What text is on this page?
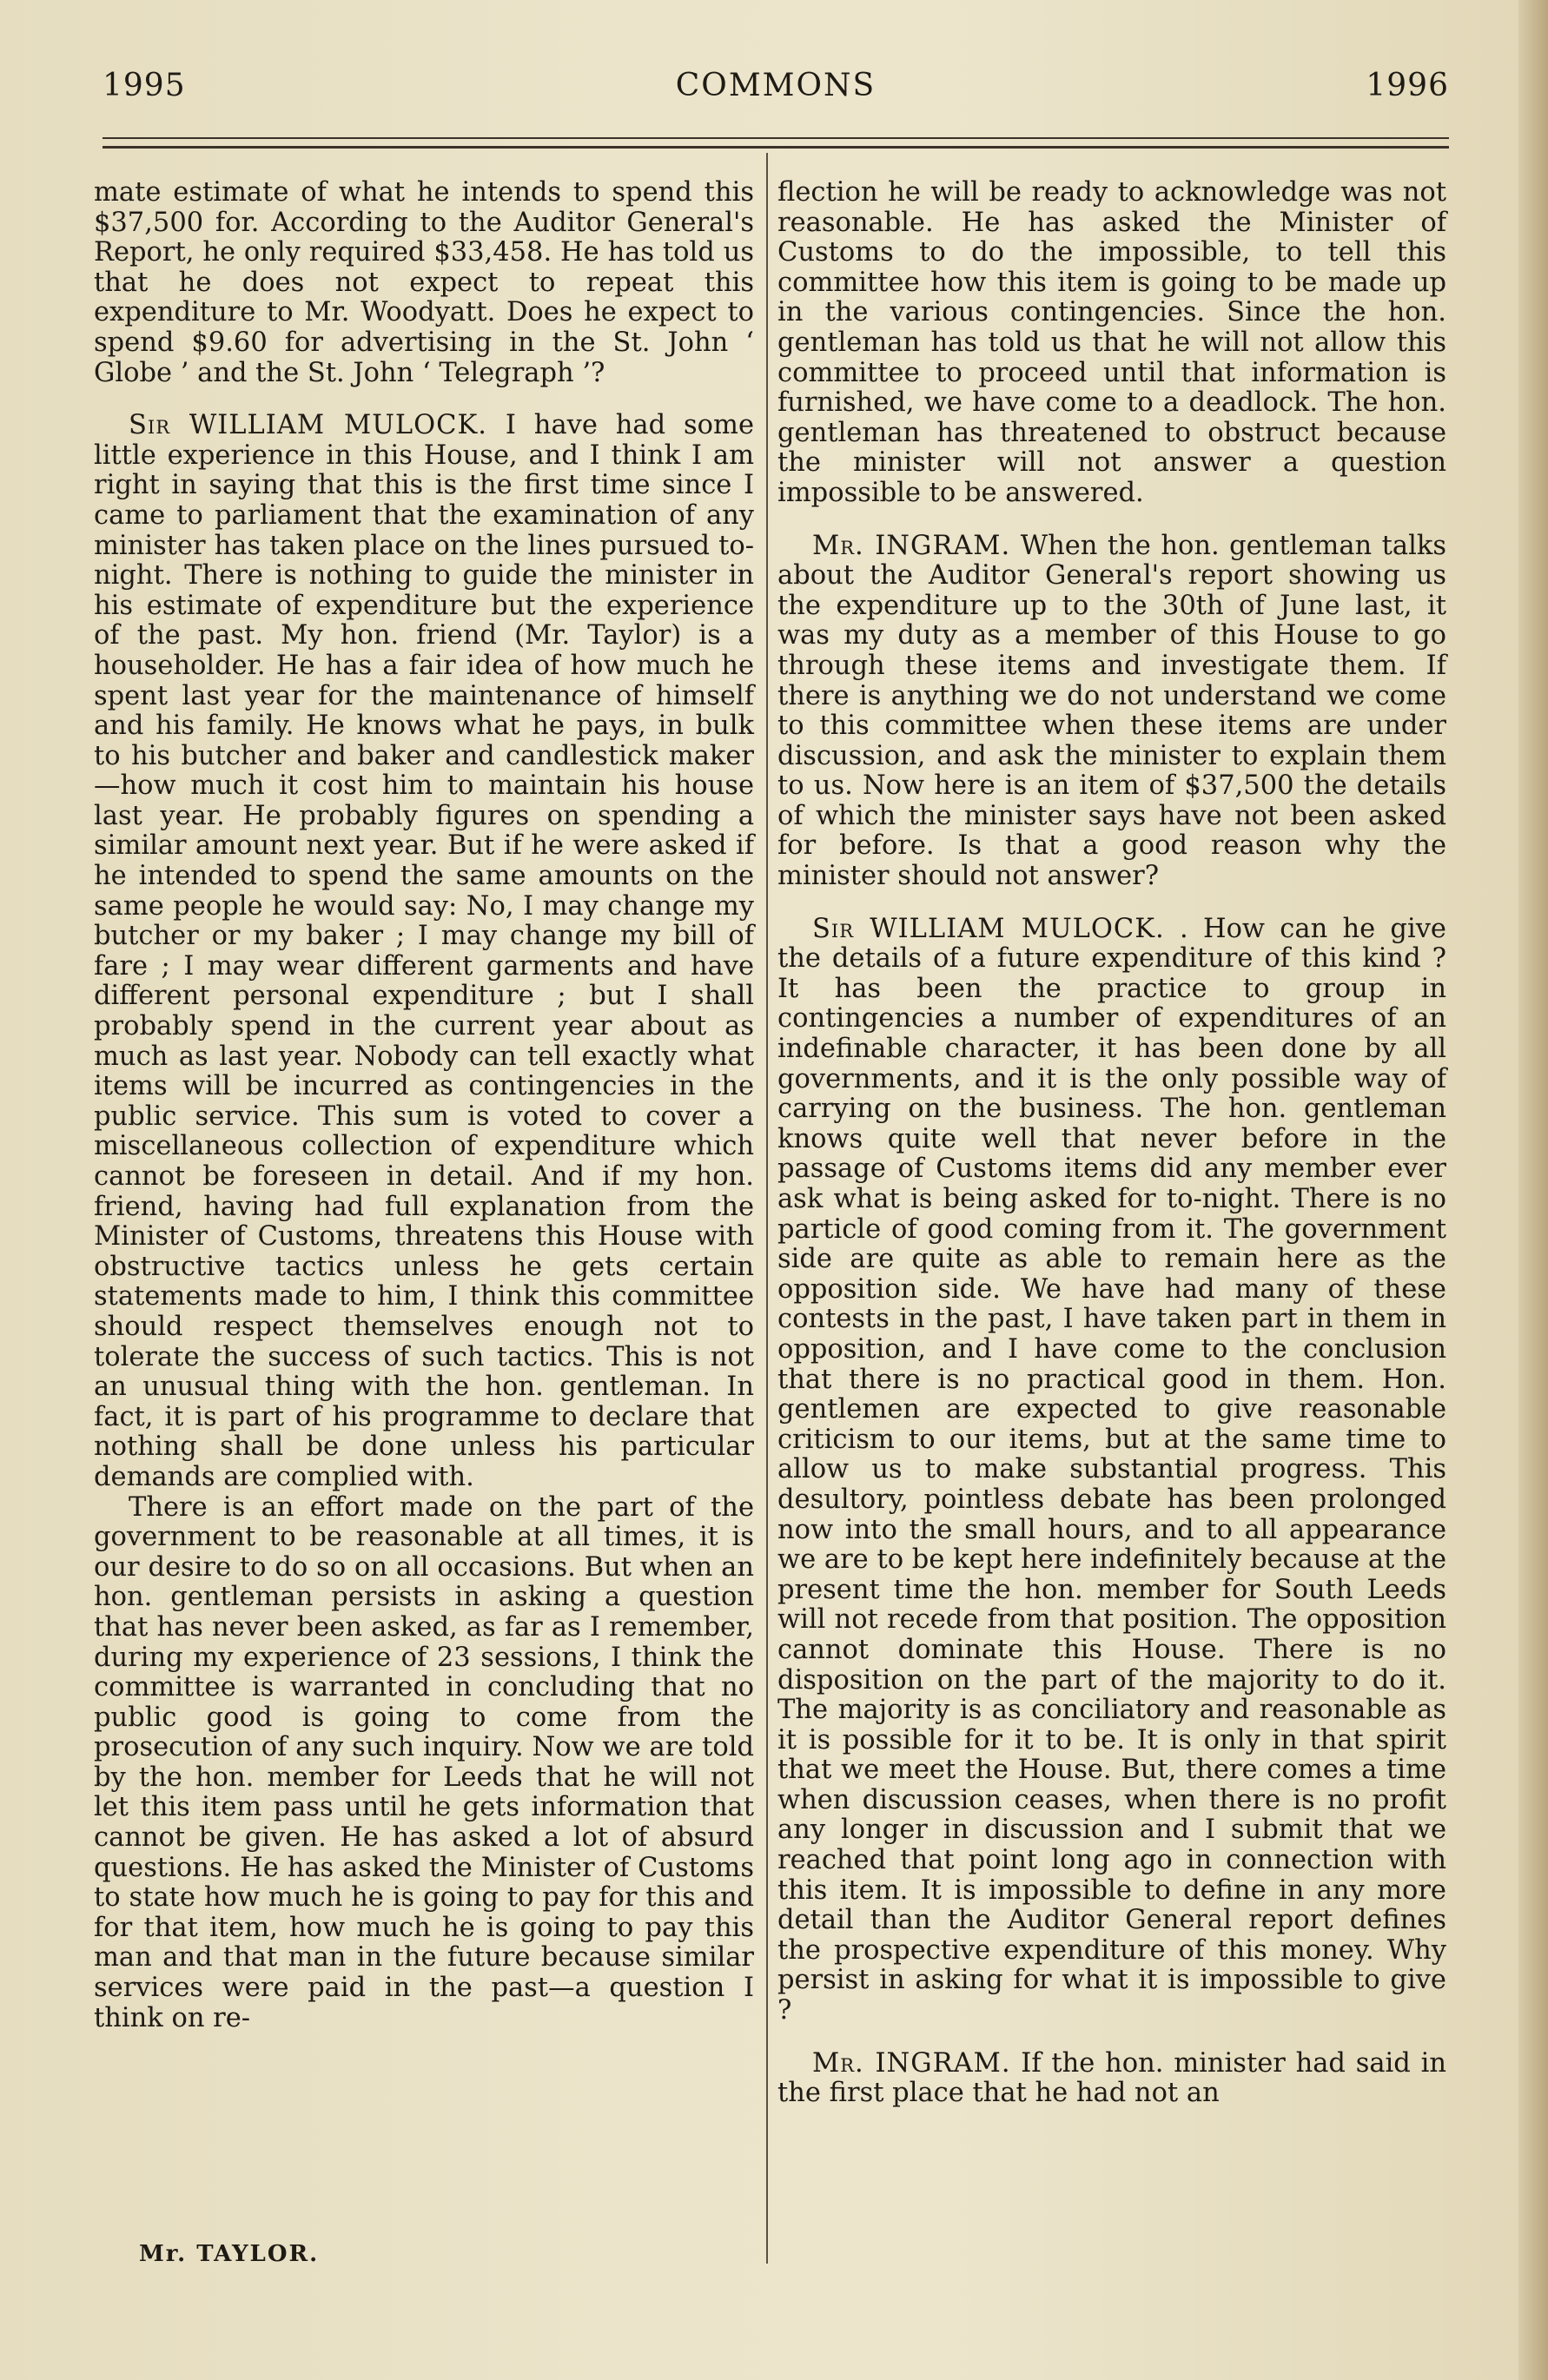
1995	COMMONS	1996

mate estimate of what he intends to spend this $37,500 for. According to the Auditor General's Report, he only required $33,458. He has told us that he does not expect to repeat this expenditure to Mr. Woodyatt. Does he expect to spend $9.60 for advertising in the St. John ‘ Globe ’ and the St. John ‘ Telegraph ’?

Sir WILLIAM MULOCK. I have had some little experience in this House, and I think I am right in saying that this is the first time since I came to parliament that the examination of any minister has taken place on the lines pursued to-night. There is nothing to guide the minister in his estimate of expenditure but the experience of the past. My hon. friend (Mr. Taylor) is a householder. He has a fair idea of how much he spent last year for the maintenance of himself and his family. He knows what he pays, in bulk to his butcher and baker and candlestick maker—how much it cost him to maintain his house last year. He probably figures on spending a similar amount next year. But if he were asked if he intended to spend the same amounts on the same people he would say: No, I may change my butcher or my baker ; I may change my bill of fare ; I may wear different garments and have different personal expenditure ; but I shall probably spend in the current year about as much as last year. Nobody can tell exactly what items will be incurred as contingencies in the public service. This sum is voted to cover a miscellaneous collection of expenditure which cannot be foreseen in detail. And if my hon. friend, having had full explanation from the Minister of Customs, threatens this House with obstructive tactics unless he gets certain statements made to him, I think this committee should respect themselves enough not to tolerate the success of such tactics. This is not an unusual thing with the hon. gentleman. In fact, it is part of his programme to declare that nothing shall be done unless his particular demands are complied with.

There is an effort made on the part of the government to be reasonable at all times, it is our desire to do so on all occasions. But when an hon. gentleman persists in asking a question that has never been asked, as far as I remember, during my experience of 23 sessions, I think the committee is warranted in concluding that no public good is going to come from the prosecution of any such inquiry. Now we are told by the hon. member for Leeds that he will not let this item pass until he gets information that cannot be given. He has asked a lot of absurd questions. He has asked the Minister of Customs to state how much he is going to pay for this and for that item, how much he is going to pay this man and that man in the future because similar services were paid in the past—a question I think on re-

flection he will be ready to acknowledge was not reasonable. He has asked the Minister of Customs to do the impossible, to tell this committee how this item is going to be made up in the various contingencies. Since the hon. gentleman has told us that he will not allow this committee to proceed until that information is furnished, we have come to a deadlock. The hon. gentleman has threatened to obstruct because the minister will not answer a question impossible to be answered.

Mr. INGRAM. When the hon. gentleman talks about the Auditor General's report showing us the expenditure up to the 30th of June last, it was my duty as a member of this House to go through these items and investigate them. If there is anything we do not understand we come to this committee when these items are under discussion, and ask the minister to explain them to us. Now here is an item of $37,500 the details of which the minister says have not been asked for before. Is that a good reason why the minister should not answer?

Sir WILLIAM MULOCK. . How can he give the details of a future expenditure of this kind ? It has been the practice to group in contingencies a number of expenditures of an indefinable character, it has been done by all governments, and it is the only possible way of carrying on the business. The hon. gentleman knows quite well that never before in the passage of Customs items did any member ever ask what is being asked for to-night. There is no particle of good coming from it. The government side are quite as able to remain here as the opposition side. We have had many of these contests in the past, I have taken part in them in opposition, and I have come to the conclusion that there is no practical good in them. Hon. gentlemen are expected to give reasonable criticism to our items, but at the same time to allow us to make substantial progress. This desultory, pointless debate has been prolonged now into the small hours, and to all appearance we are to be kept here indefinitely because at the present time the hon. member for South Leeds will not recede from that position. The opposition cannot dominate this House. There is no disposition on the part of the majority to do it. The majority is as conciliatory and reasonable as it is possible for it to be. It is only in that spirit that we meet the House. But, there comes a time when discussion ceases, when there is no profit any longer in discussion and I submit that we reached that point long ago in connection with this item. It is impossible to define in any more detail than the Auditor General report defines the prospective expenditure of this money. Why persist in asking for what it is impossible to give ?

Mr. INGRAM. If the hon. minister had said in the first place that he had not an

Mr. TAYLOR.
